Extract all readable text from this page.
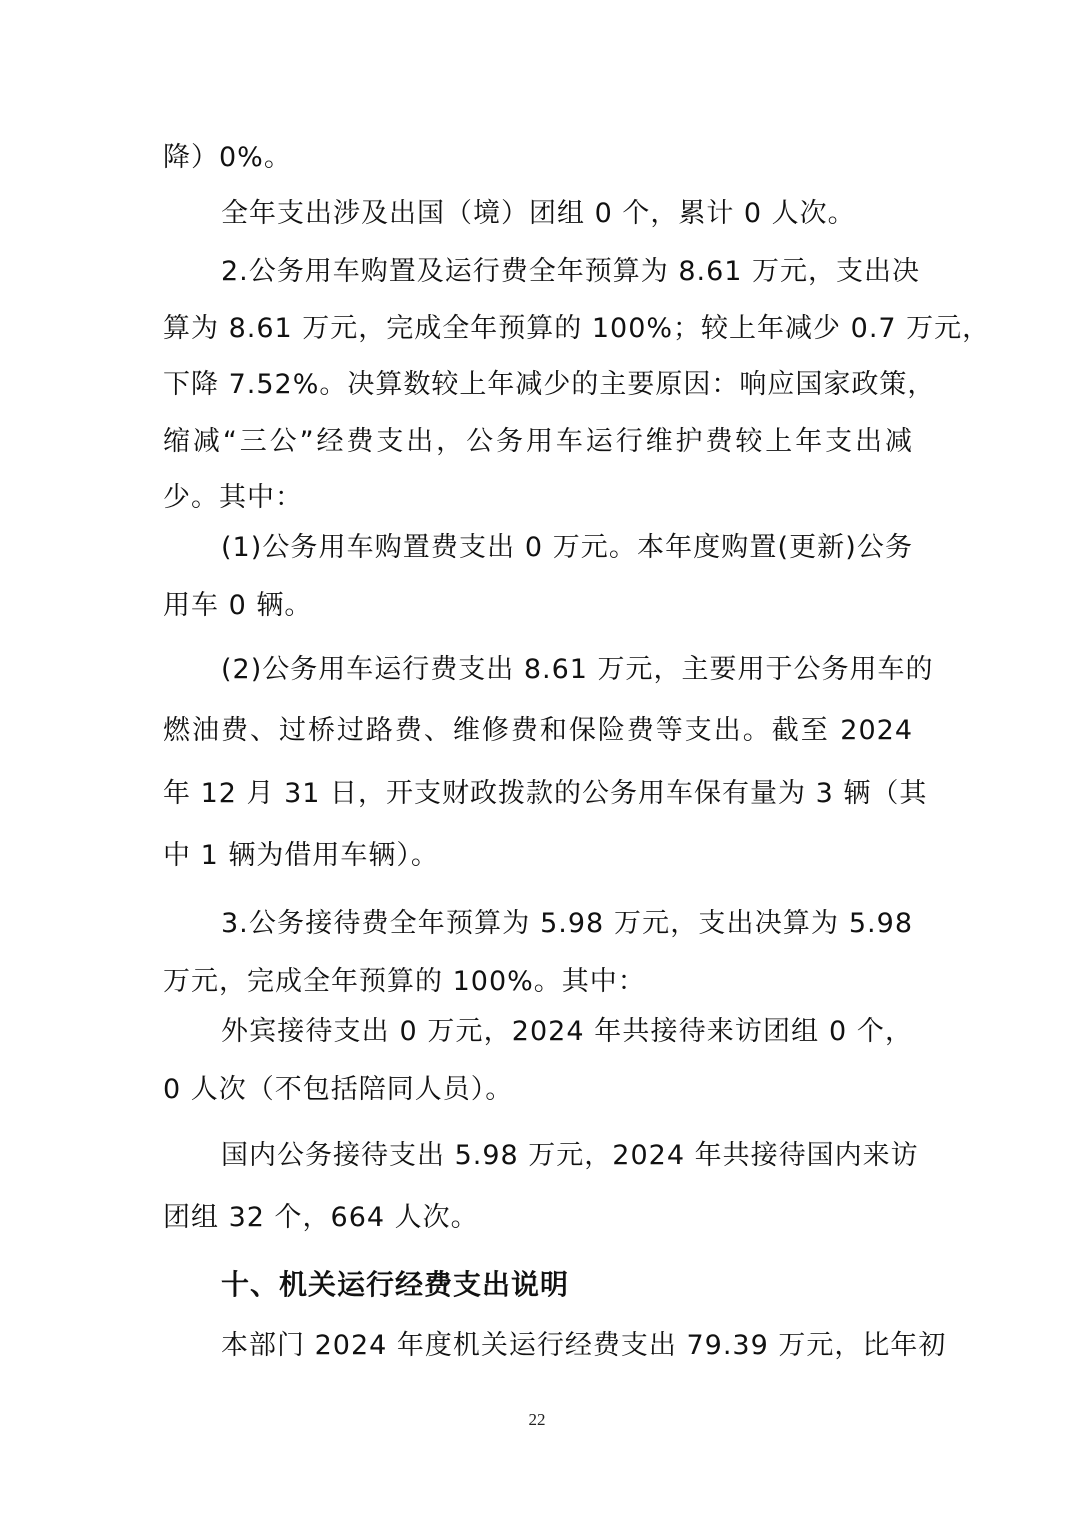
降）0%。
全年支出涉及出国（境）团组 0 个，累计 0 人次。
2.公务用车购置及运行费全年预算为 8.61 万元，支出决
算为 8.61 万元，完成全年预算的 100%；较上年减少 0.7 万元，
下降 7.52%。决算数较上年减少的主要原因：响应国家政策，
缩减“三公”经费支出，公务用车运行维护费较上年支出减
少。其中：
(1)公务用车购置费支出 0 万元。本年度购置(更新)公务
用车 0 辆。
(2)公务用车运行费支出 8.61 万元，主要用于公务用车的
燃油费、过桥过路费、维修费和保险费等支出。截至 2024
年 12 月 31 日，开支财政拨款的公务用车保有量为 3 辆（其
中 1 辆为借用车辆）。
3.公务接待费全年预算为 5.98 万元，支出决算为 5.98
万元，完成全年预算的 100%。其中：
外宾接待支出 0 万元，2024 年共接待来访团组 0 个，
0 人次（不包括陪同人员）。
国内公务接待支出 5.98 万元，2024 年共接待国内来访
团组 32 个，664 人次。
十、机关运行经费支出说明
本部门 2024 年度机关运行经费支出 79.39 万元，比年初
22
